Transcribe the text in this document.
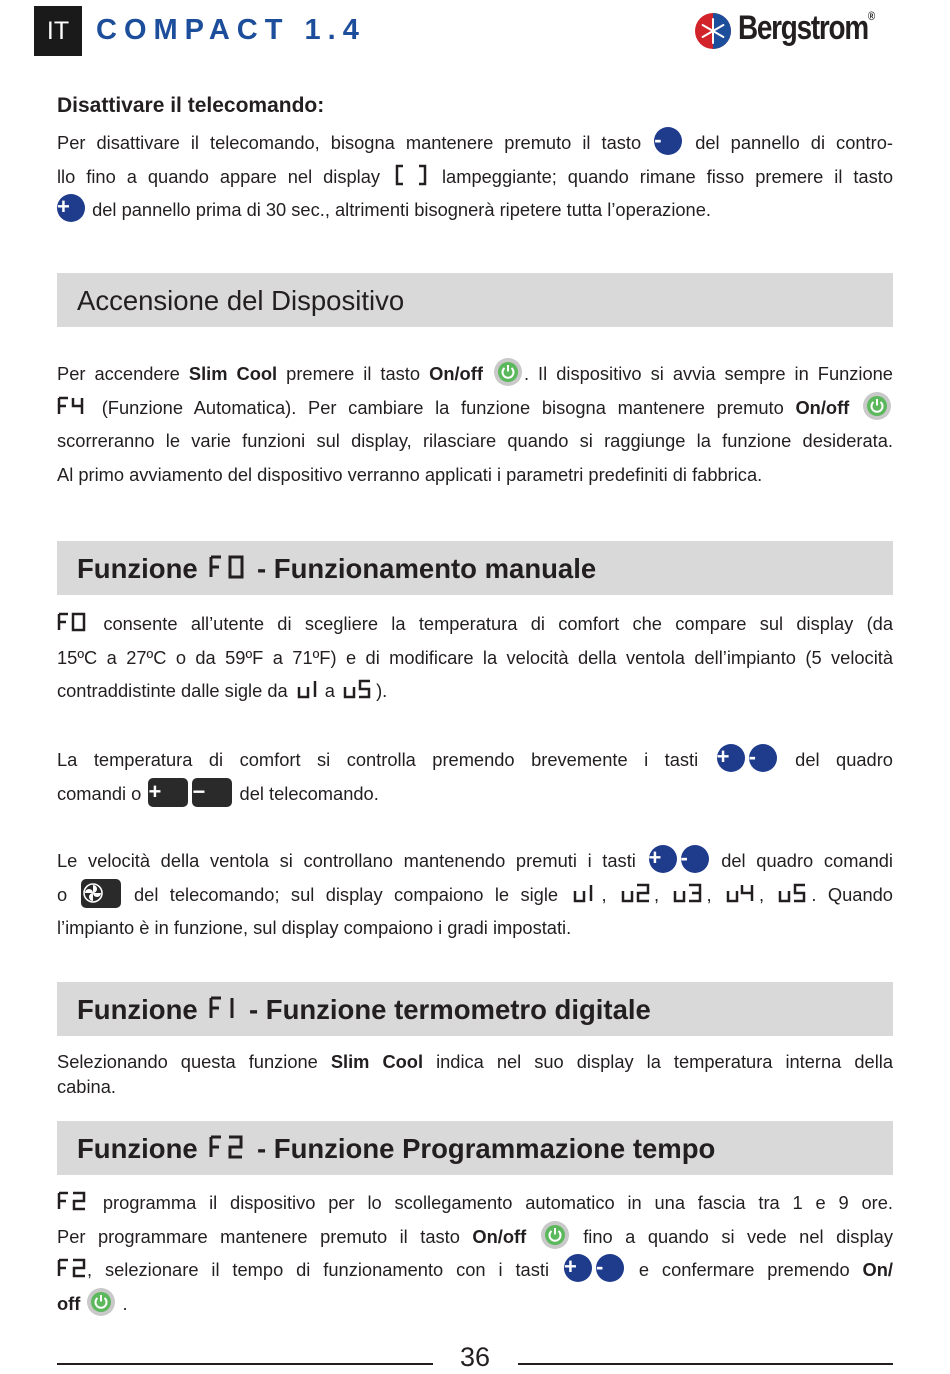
IT COMPACT 1.4	Bergstrom®
Disattivare il telecomando:
Per disattivare il telecomando, bisogna mantenere premuto il tasto - del pannello di contro-
llo fino a quando appare nel display	lampeggiante; quando rimane fisso premere il tasto
+ del pannello prima di 30 sec., altrimenti bisognerà ripetere tutta l’operazione.
Accensione del Dispositivo
Per accendere Slim Cool premere il tasto On/off . Il dispositivo si avvia sempre in Funzione
(Funzione Automatica). Per cambiare la funzione bisogna mantenere premuto On/off
scorreranno le varie funzioni sul display, rilasciare quando si raggiunge la funzione desiderata.
Al primo avviamento del dispositivo verranno applicati i parametri predefiniti di fabbrica.
Funzione  - Funzionamento manuale
consente all’utente di scegliere la temperatura di comfort che compare sul display (da
15ºC a 27ºC o da 59ºF a 71ºF) e di modificare la velocità della ventola dell’impianto (5 velocità
contraddistinte dalle sigle da a ).
La temperatura di comfort si controlla premendo brevemente i tasti + - del quadro
comandi o + − del telecomando.
Le velocità della ventola si controllano mantenendo premuti i tasti + - del quadro comandi
o	del telecomando; sul display compaiono le sigle , , , , . Quando
l’impianto è in funzione, sul display compaiono i gradi impostati.
Funzione  - Funzione termometro digitale
Selezionando questa funzione Slim Cool indica nel suo display la temperatura interna della
cabina.
Funzione  - Funzione Programmazione tempo
programma il dispositivo per lo scollegamento automatico in una fascia tra 1 e 9 ore.
Per programmare mantenere premuto il tasto On/off	fino a quando si vede nel display
, selezionare il tempo di funzionamento con i tasti + - e confermare premendo On/
off .
36
